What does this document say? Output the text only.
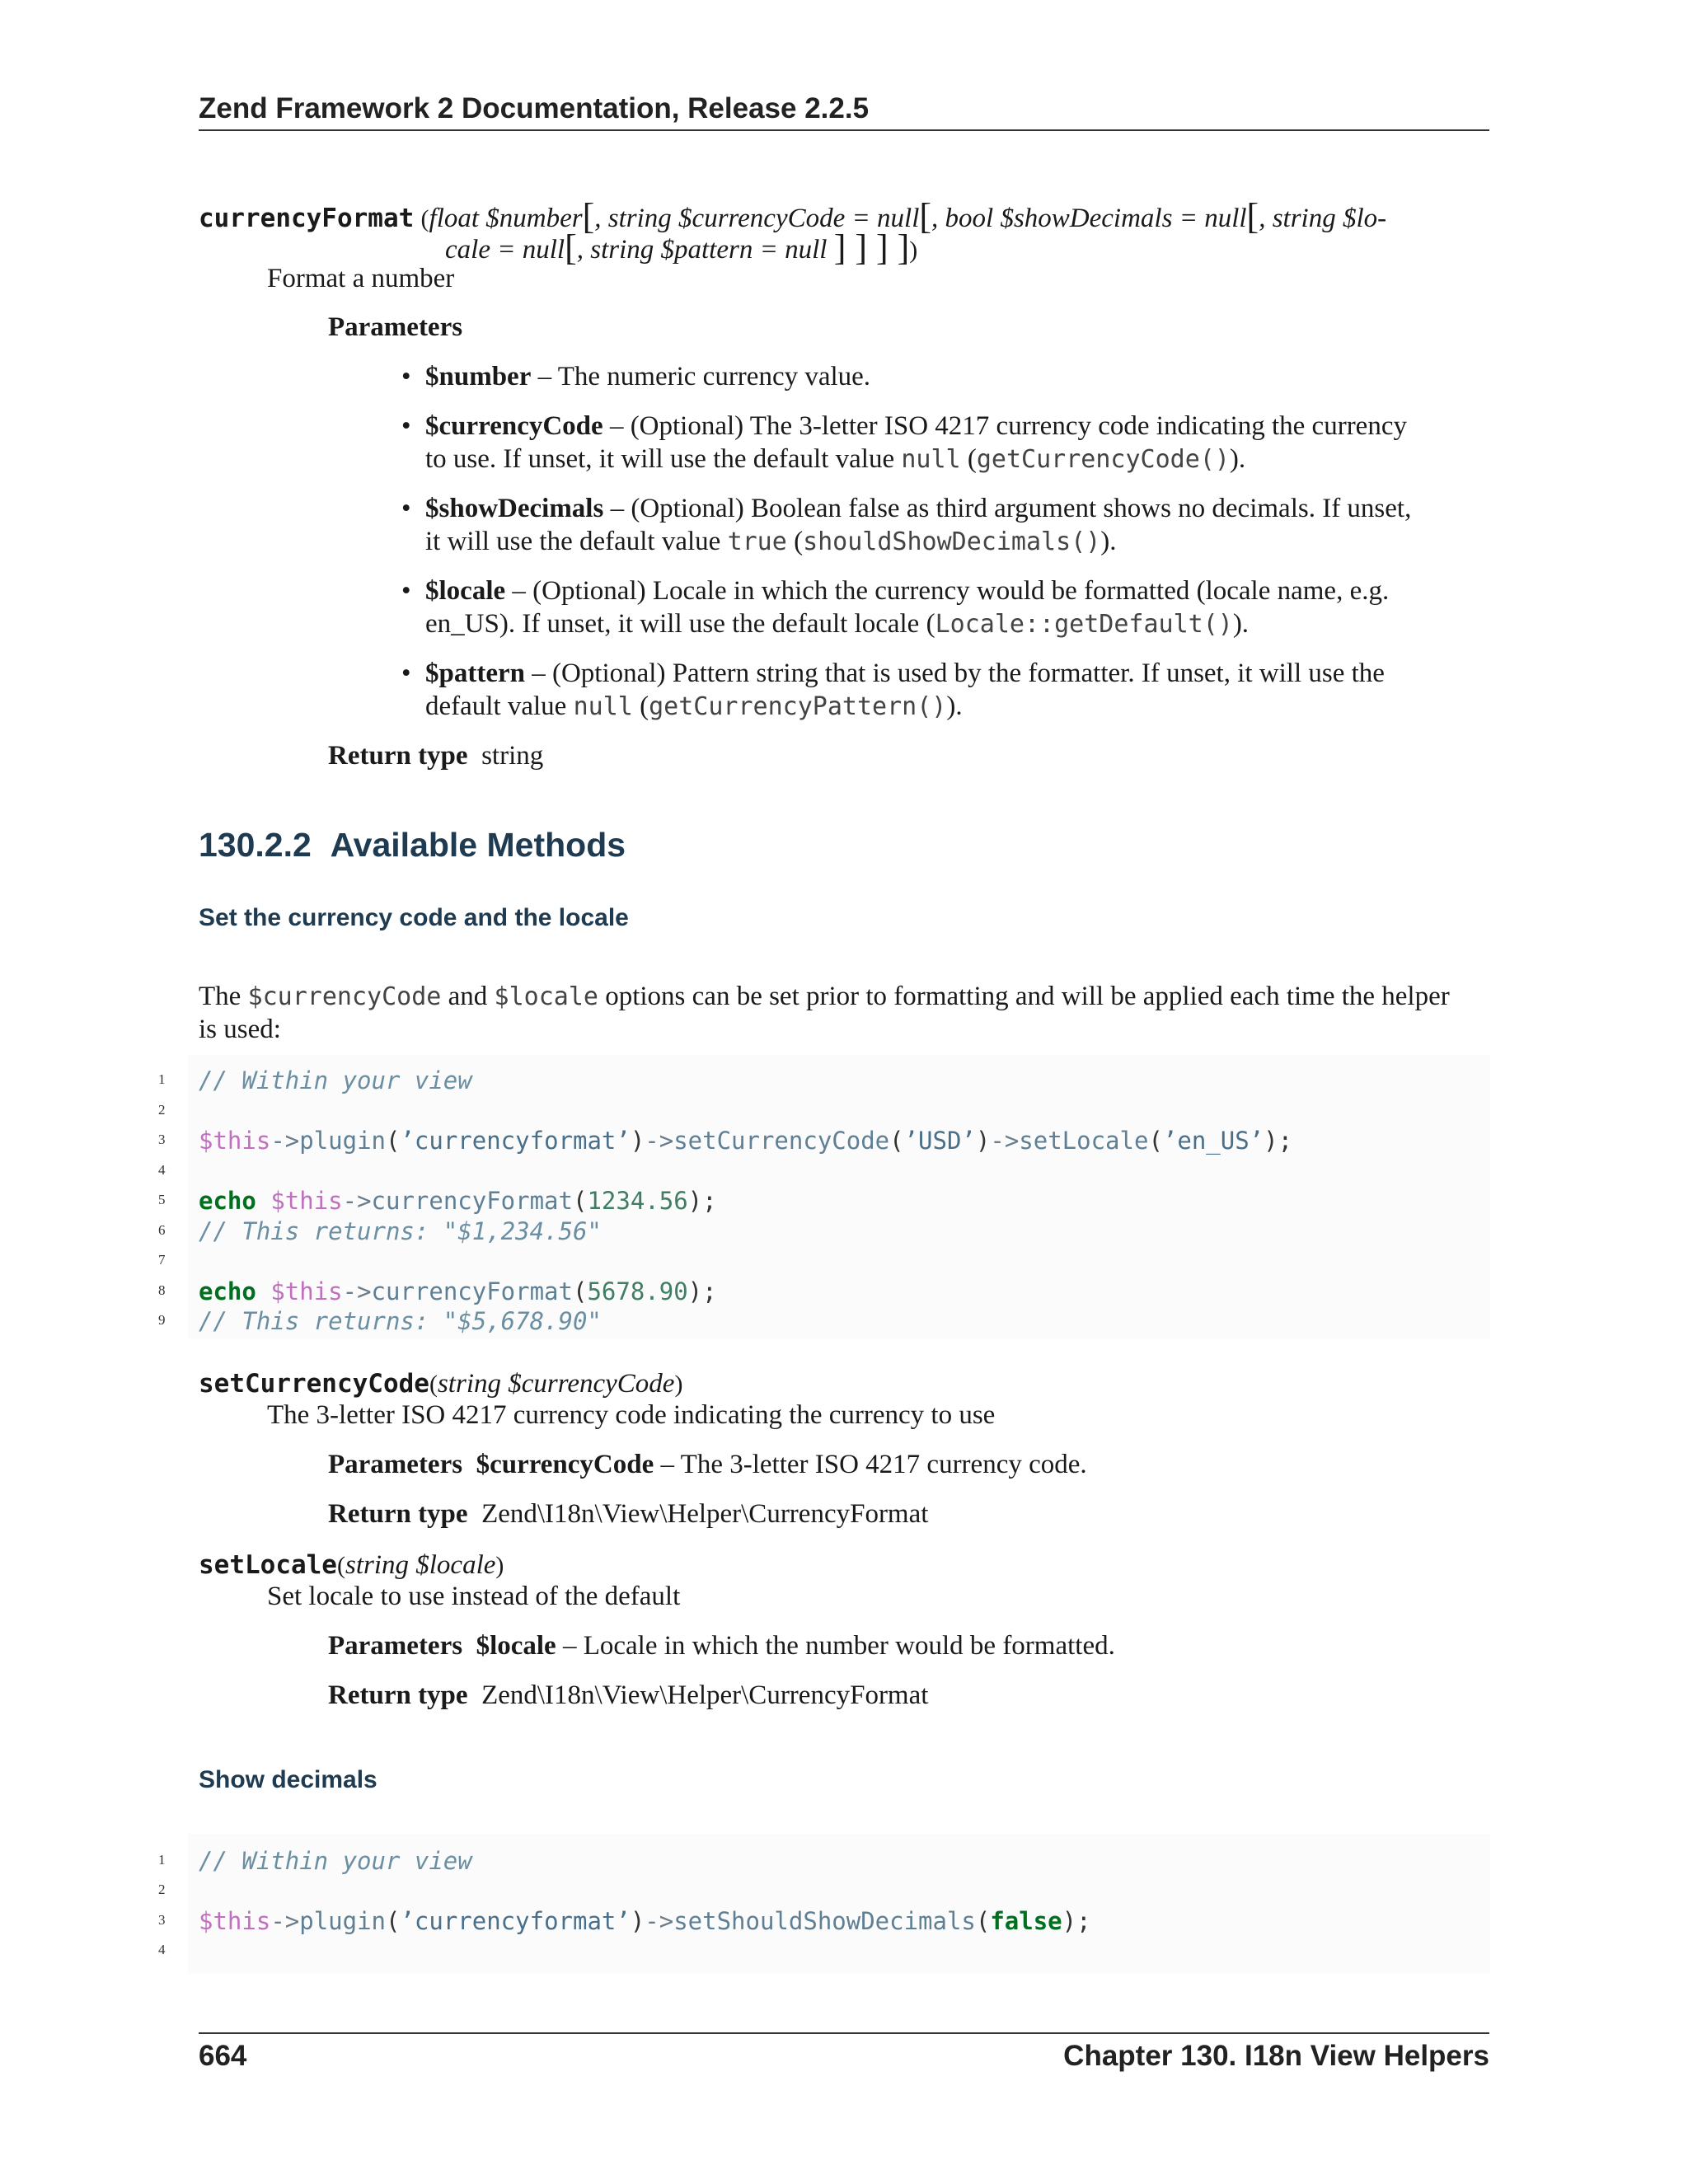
Zend Framework 2 Documentation, Release 2.2.5
currencyFormat (float $number[, string $currencyCode = null[, bool $showDecimals = null[, string $lo-
cale = null[, string $pattern = null ] ] ] ])
Format a number
Parameters
• $number – The numeric currency value.
• $currencyCode – (Optional) The 3-letter ISO 4217 currency code indicating the currency
to use. If unset, it will use the default value null (getCurrencyCode()).
• $showDecimals – (Optional) Boolean false as third argument shows no decimals. If unset,
it will use the default value true (shouldShowDecimals()).
• $locale – (Optional) Locale in which the currency would be formatted (locale name, e.g.
en_US). If unset, it will use the default locale (Locale::getDefault()).
• $pattern – (Optional) Pattern string that is used by the formatter. If unset, it will use the
default value null (getCurrencyPattern()).
Return type string
130.2.2 Available Methods
Set the currency code and the locale
The $currencyCode and $locale options can be set prior to formatting and will be applied each time the helper
is used:
1
2
3
4
5
6
7
8
9
// Within your view
$this->plugin(’currencyformat’)->setCurrencyCode(’USD’)->setLocale(’en_US’);
echo $this->currencyFormat(1234.56);
// This returns: "$1,234.56"
echo $this->currencyFormat(5678.90);
// This returns: "$5,678.90"
setCurrencyCode(string $currencyCode)
The 3-letter ISO 4217 currency code indicating the currency to use
Parameters $currencyCode – The 3-letter ISO 4217 currency code.
Return type Zend\I18n\View\Helper\CurrencyFormat
setLocale(string $locale)
Set locale to use instead of the default
Parameters $locale – Locale in which the number would be formatted.
Return type Zend\I18n\View\Helper\CurrencyFormat
Show decimals
1
2
3
4
// Within your view
$this->plugin(’currencyformat’)->setShouldShowDecimals(false);
664	Chapter 130. I18n View Helpers
